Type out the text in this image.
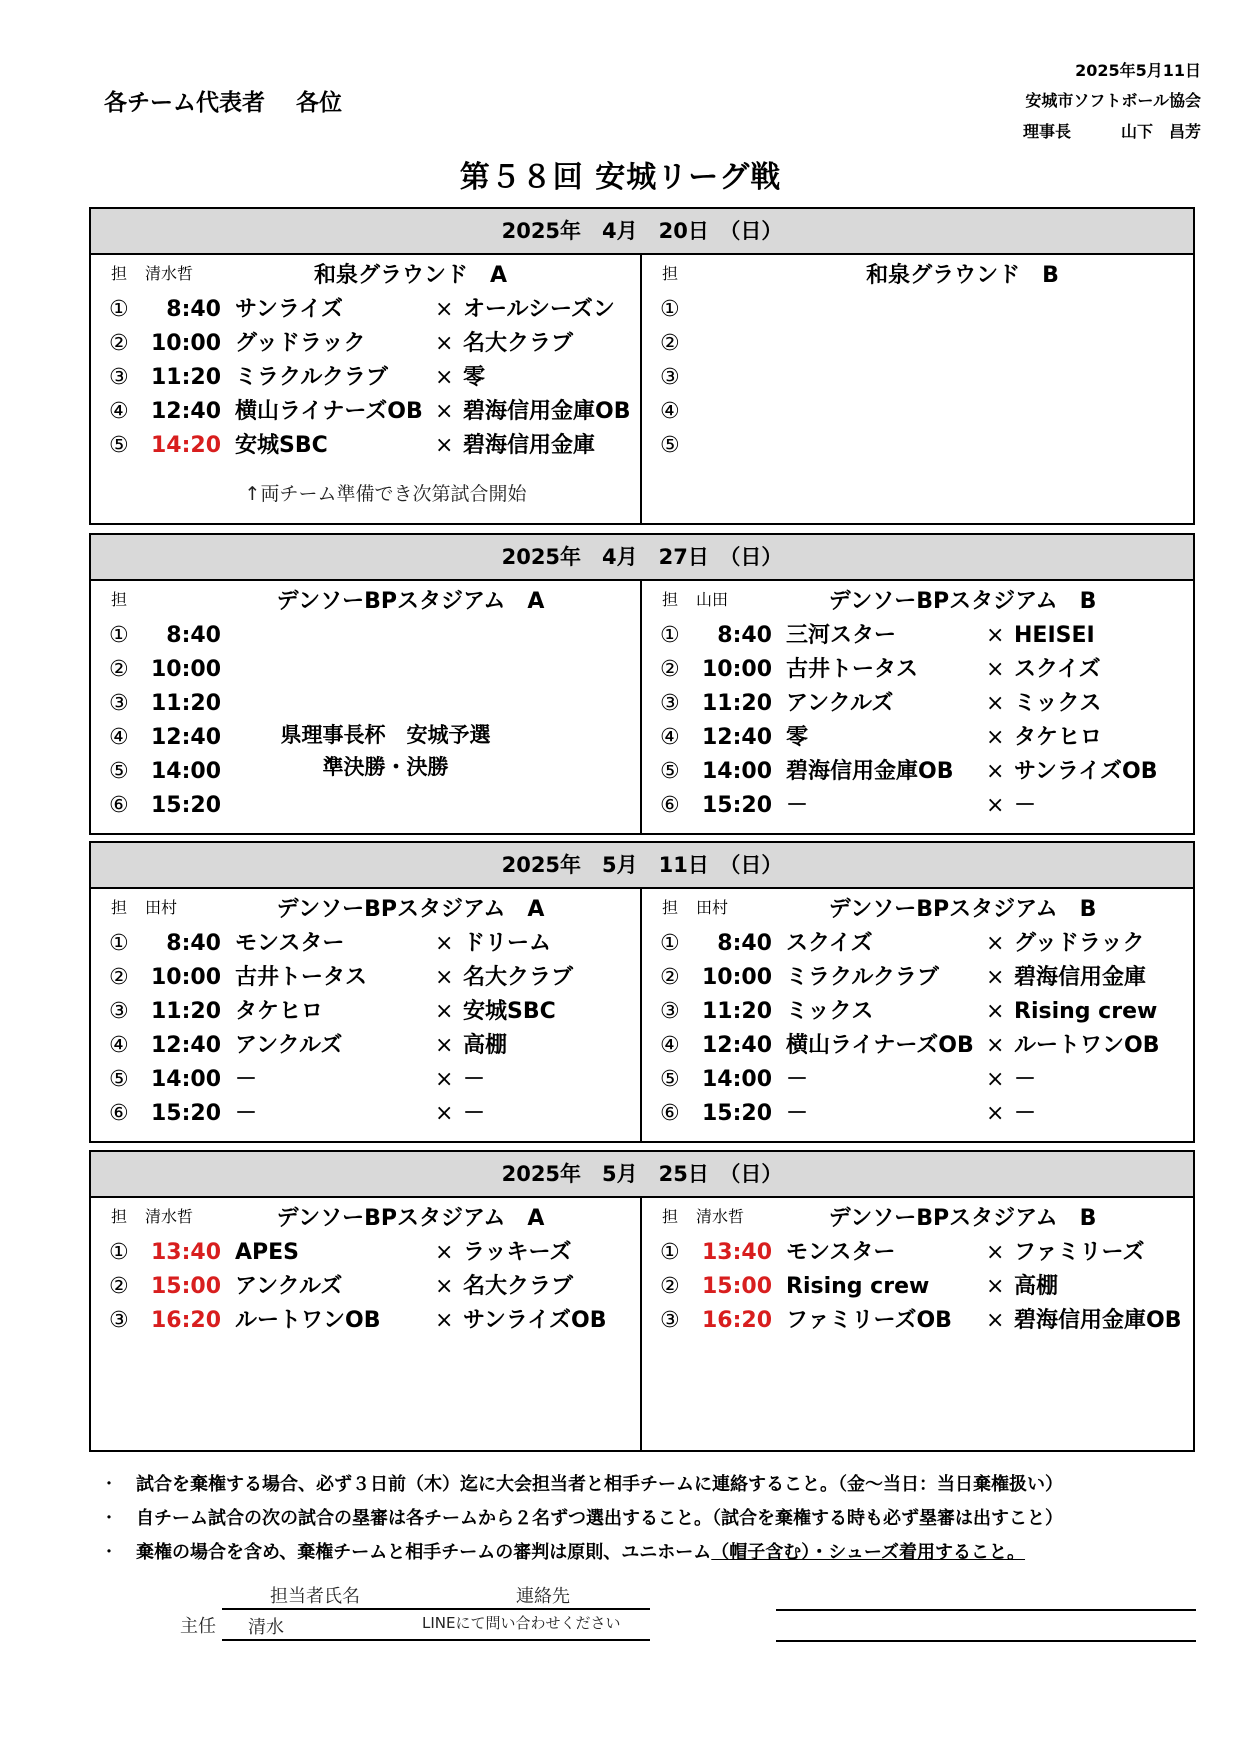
各チーム代表者　 各位
2025年5月11日
安城市ソフトボール協会
理事長	山下　昌芳
第５８回 安城リーグ戦
2025年　4月　20日　（日）
担 清水哲	和泉グラウンド　A
①	8:40 サンライズ	× オールシーズン
②	10:00 グッドラック	× 名大クラブ
③	11:20 ミラクルクラブ	× 零
④	12:40 横山ライナーズOB × 碧海信用金庫OB
⑤	14:20 安城SBC	× 碧海信用金庫
↑両チーム準備でき次第試合開始
担	和泉グラウンド　B
①
②
③
④
⑤
2025年　4月　27日　（日）
担	デンソーBPスタジアム　A
①	8:40
②	10:00
③	11:20
④	12:40
⑤	14:00
⑥	15:20
県理事長杯　安城予選
準決勝・決勝
担 山田	デンソーBPスタジアム　B
①	8:40 三河スター	× HEISEI
②	10:00 古井トータス	× スクイズ
③	11:20 アンクルズ	× ミックス
④	12:40 零	× タケヒロ
⑤	14:00 碧海信用金庫OB	× サンライズOB
⑥	15:20 －	× －
2025年　5月　11日　（日）
担 田村	デンソーBPスタジアム　A
①	8:40 モンスター	× ドリーム
②	10:00 古井トータス	× 名大クラブ
③	11:20 タケヒロ	× 安城SBC
④	12:40 アンクルズ	× 高棚
⑤	14:00 －	× －
⑥	15:20 －	× －
担 田村	デンソーBPスタジアム　B
①	8:40 スクイズ	× グッドラック
②	10:00 ミラクルクラブ	× 碧海信用金庫
③	11:20 ミックス	× Rising crew
④	12:40 横山ライナーズOB × ルートワンOB
⑤	14:00 －	× －
⑥	15:20 －	× －
2025年　5月　25日　（日）
担 清水哲	デンソーBPスタジアム　A
①	13:40 APES	× ラッキーズ
②	15:00 アンクルズ	× 名大クラブ
③	16:20 ルートワンOB	× サンライズOB
担 清水哲	デンソーBPスタジアム　B
①	13:40 モンスター	× ファミリーズ
②	15:00 Rising crew	× 高棚
③	16:20 ファミリーズOB	× 碧海信用金庫OB
・ 試合を棄権する場合、必ず３日前（木）迄に大会担当者と相手チームに連絡すること。（金～当日：当日棄権扱い）
・ 自チーム試合の次の試合の塁審は各チームから２名ずつ選出すること。（試合を棄権する時も必ず塁審は出すこと）
・ 棄権の場合を含め、棄権チームと相手チームの審判は原則、ユニホーム（帽子含む）・シューズ着用すること。
担当者氏名	連絡先
主任 清水	LINEにて問い合わせください
